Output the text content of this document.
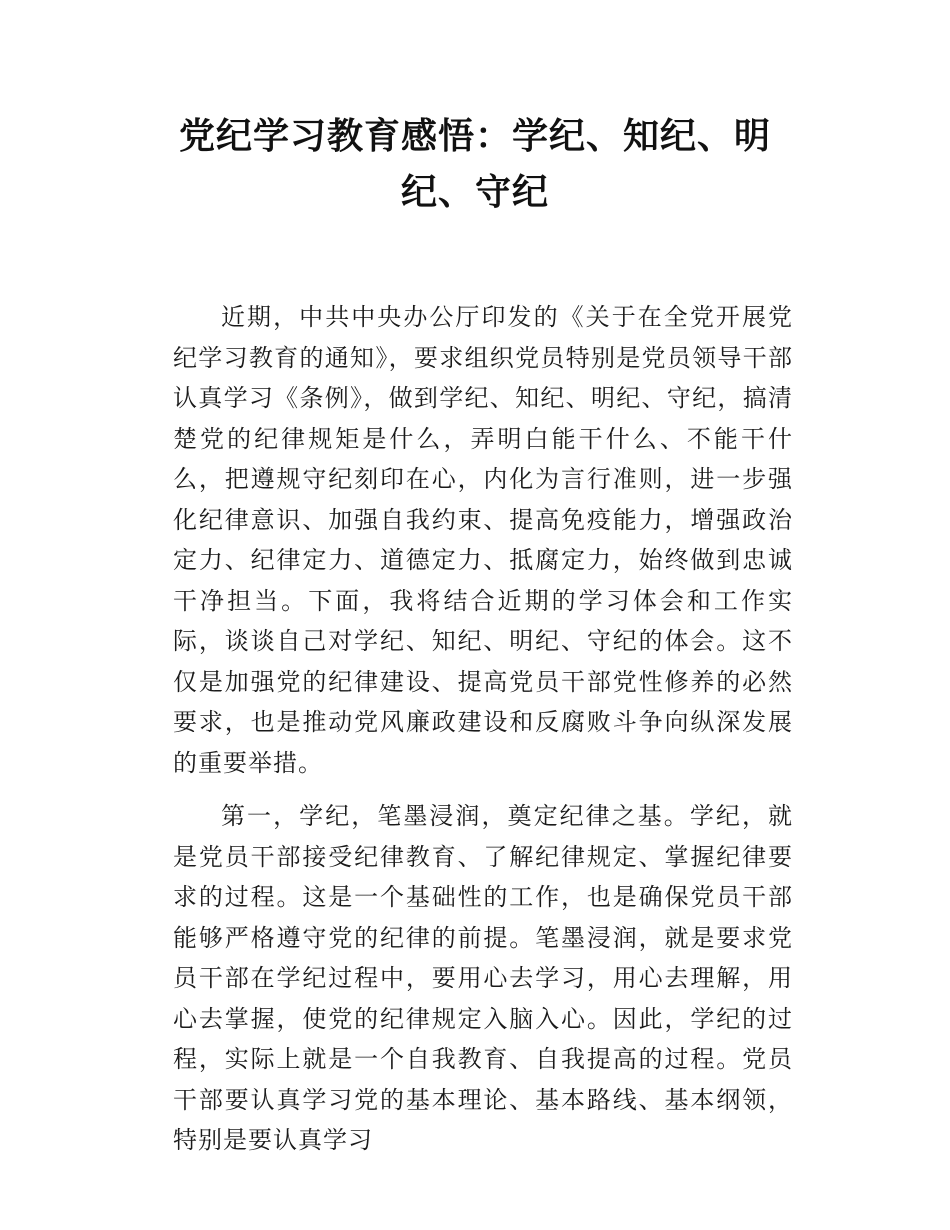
党纪学习教育感悟：学纪、知纪、明纪、守纪

近期，中共中央办公厅印发的《关于在全党开展党纪学习教育的通知》，要求组织党员特别是党员领导干部认真学习《条例》，做到学纪、知纪、明纪、守纪，搞清楚党的纪律规矩是什么，弄明白能干什么、不能干什么，把遵规守纪刻印在心，内化为言行准则，进一步强化纪律意识、加强自我约束、提高免疫能力，增强政治定力、纪律定力、道德定力、抵腐定力，始终做到忠诚干净担当。下面，我将结合近期的学习体会和工作实际，谈谈自己对学纪、知纪、明纪、守纪的体会。这不仅是加强党的纪律建设、提高党员干部党性修养的必然要求，也是推动党风廉政建设和反腐败斗争向纵深发展的重要举措。

第一，学纪，笔墨浸润，奠定纪律之基。学纪，就是党员干部接受纪律教育、了解纪律规定、掌握纪律要求的过程。这是一个基础性的工作，也是确保党员干部能够严格遵守党的纪律的前提。笔墨浸润，就是要求党员干部在学纪过程中，要用心去学习，用心去理解，用心去掌握，使党的纪律规定入脑入心。因此，学纪的过程，实际上就是一个自我教育、自我提高的过程。党员干部要认真学习党的基本理论、基本路线、基本纲领，特别是要认真学习
